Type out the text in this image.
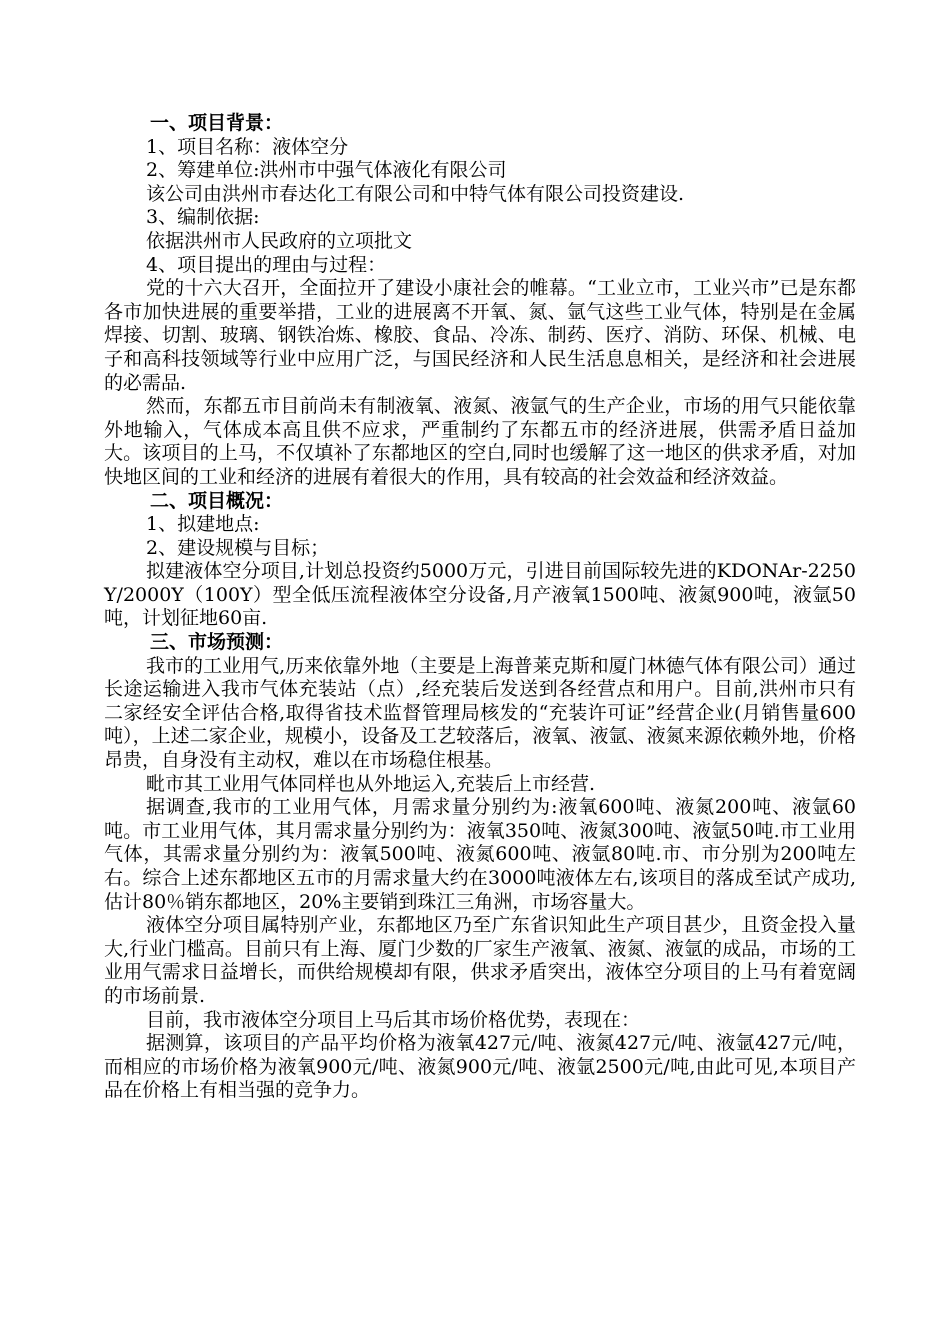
一、项目背景：
1、项目名称：液体空分
2、筹建单位:洪州市中强气体液化有限公司
该公司由洪州市春达化工有限公司和中特气体有限公司投资建设.
3、编制依据:
依据洪州市人民政府的立项批文
4、项目提出的理由与过程：
党的十六大召开，全面拉开了建设小康社会的帷幕。“工业立市，工业兴市”已是东都各市加快进展的重要举措，工业的进展离不开氧、氮、氩气这些工业气体，特别是在金属焊接、切割、玻璃、钢铁冶炼、橡胶、食品、冷冻、制药、医疗、消防、环保、机械、电子和高科技领域等行业中应用广泛，与国民经济和人民生活息息相关，是经济和社会进展的必需品.
然而，东都五市目前尚未有制液氧、液氮、液氩气的生产企业，市场的用气只能依靠外地输入，气体成本高且供不应求，严重制约了东都五市的经济进展，供需矛盾日益加大。该项目的上马，不仅填补了东都地区的空白,同时也缓解了这一地区的供求矛盾，对加快地区间的工业和经济的进展有着很大的作用，具有较高的社会效益和经济效益。
二、项目概况：
1、拟建地点:
2、建设规模与目标；
拟建液体空分项目,计划总投资约5000万元，引进目前国际较先进的KDONAr-2250Y/2000Y（100Y）型全低压流程液体空分设备,月产液氧1500吨、液氮900吨，液氩50吨，计划征地60亩.
三、市场预测：
我市的工业用气,历来依靠外地（主要是上海普莱克斯和厦门林德气体有限公司）通过长途运输进入我市气体充装站（点）,经充装后发送到各经营点和用户。目前,洪州市只有二家经安全评估合格,取得省技术监督管理局核发的“充装许可证”经营企业(月销售量600吨），上述二家企业，规模小，设备及工艺较落后，液氧、液氩、液氮来源依赖外地，价格昂贵，自身没有主动权，难以在市场稳住根基。
毗市其工业用气体同样也从外地运入,充装后上市经营.
据调查,我市的工业用气体，月需求量分别约为:液氧600吨、液氮200吨、液氩60吨。市工业用气体，其月需求量分别约为：液氧350吨、液氮300吨、液氩50吨.市工业用气体，其需求量分别约为：液氧500吨、液氮600吨、液氩80吨.市、市分别为200吨左右。综合上述东都地区五市的月需求量大约在3000吨液体左右,该项目的落成至试产成功,估计80％销东都地区，20%主要销到珠江三角洲，市场容量大。
液体空分项目属特别产业，东都地区乃至广东省识知此生产项目甚少，且资金投入量大,行业门槛高。目前只有上海、厦门少数的厂家生产液氧、液氮、液氩的成品，市场的工业用气需求日益增长，而供给规模却有限，供求矛盾突出，液体空分项目的上马有着宽阔的市场前景.
目前，我市液体空分项目上马后其市场价格优势，表现在：
据测算，该项目的产品平均价格为液氧427元/吨、液氮427元/吨、液氩427元/吨，而相应的市场价格为液氧900元/吨、液氮900元/吨、液氩2500元/吨,由此可见,本项目产品在价格上有相当强的竞争力。
